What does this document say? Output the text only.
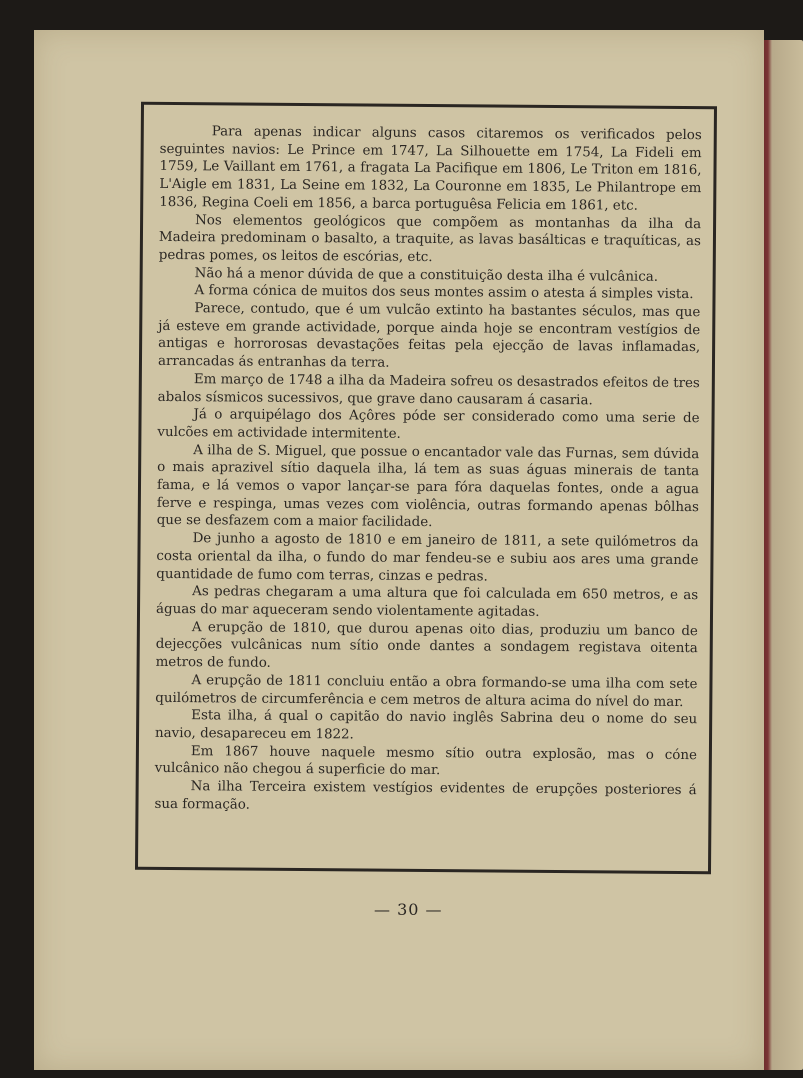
Para apenas indicar alguns casos citaremos os verificados pelos seguintes navios: Le Prince em 1747, La Silhouette em 1754, La Fideli em 1759, Le Vaillant em 1761, a fragata La Pacifique em 1806, Le Triton em 1816, L'Aigle em 1831, La Seine em 1832, La Couronne em 1835, Le Philantrope em 1836, Regina Coeli em 1856, a barca portuguêsa Felicia em 1861, etc.

Nos elementos geológicos que compõem as montanhas da ilha da Madeira predominam o basalto, a traquite, as lavas basálticas e traquíticas, as pedras pomes, os leitos de escórias, etc.

Não há a menor dúvida de que a constituição desta ilha é vulcânica.

A forma cónica de muitos dos seus montes assim o atesta á simples vista.

Parece, contudo, que é um vulcão extinto ha bastantes séculos, mas que já esteve em grande actividade, porque ainda hoje se encontram vestígios de antigas e horrorosas devastações feitas pela ejecção de lavas inflamadas, arrancadas ás entranhas da terra.

Em março de 1748 a ilha da Madeira sofreu os desastrados efeitos de tres abalos sísmicos sucessivos, que grave dano causaram á casaria.

Já o arquipélago dos Açôres póde ser considerado como uma serie de vulcões em actividade intermitente.

A ilha de S. Miguel, que possue o encantador vale das Furnas, sem dúvida o mais aprazivel sítio daquela ilha, lá tem as suas águas minerais de tanta fama, e lá vemos o vapor lançar-se para fóra daquelas fontes, onde a agua ferve e respinga, umas vezes com violência, outras formando apenas bôlhas que se desfazem com a maior facilidade.

De junho a agosto de 1810 e em janeiro de 1811, a sete quilómetros da costa oriental da ilha, o fundo do mar fendeu-se e subiu aos ares uma grande quantidade de fumo com terras, cinzas e pedras.

As pedras chegaram a uma altura que foi calculada em 650 metros, e as águas do mar aqueceram sendo violentamente agitadas.

A erupção de 1810, que durou apenas oito dias, produziu um banco de dejecções vulcânicas num sítio onde dantes a sondagem registava oitenta metros de fundo.

A erupção de 1811 concluiu então a obra formando-se uma ilha com sete quilómetros de circumferência e cem metros de altura acima do nível do mar.

Esta ilha, á qual o capitão do navio inglês Sabrina deu o nome do seu navio, desapareceu em 1822.

Em 1867 houve naquele mesmo sítio outra explosão, mas o cóne vulcânico não chegou á superficie do mar.

Na ilha Terceira existem vestígios evidentes de erupções posteriores á sua formação.

— 30 —
